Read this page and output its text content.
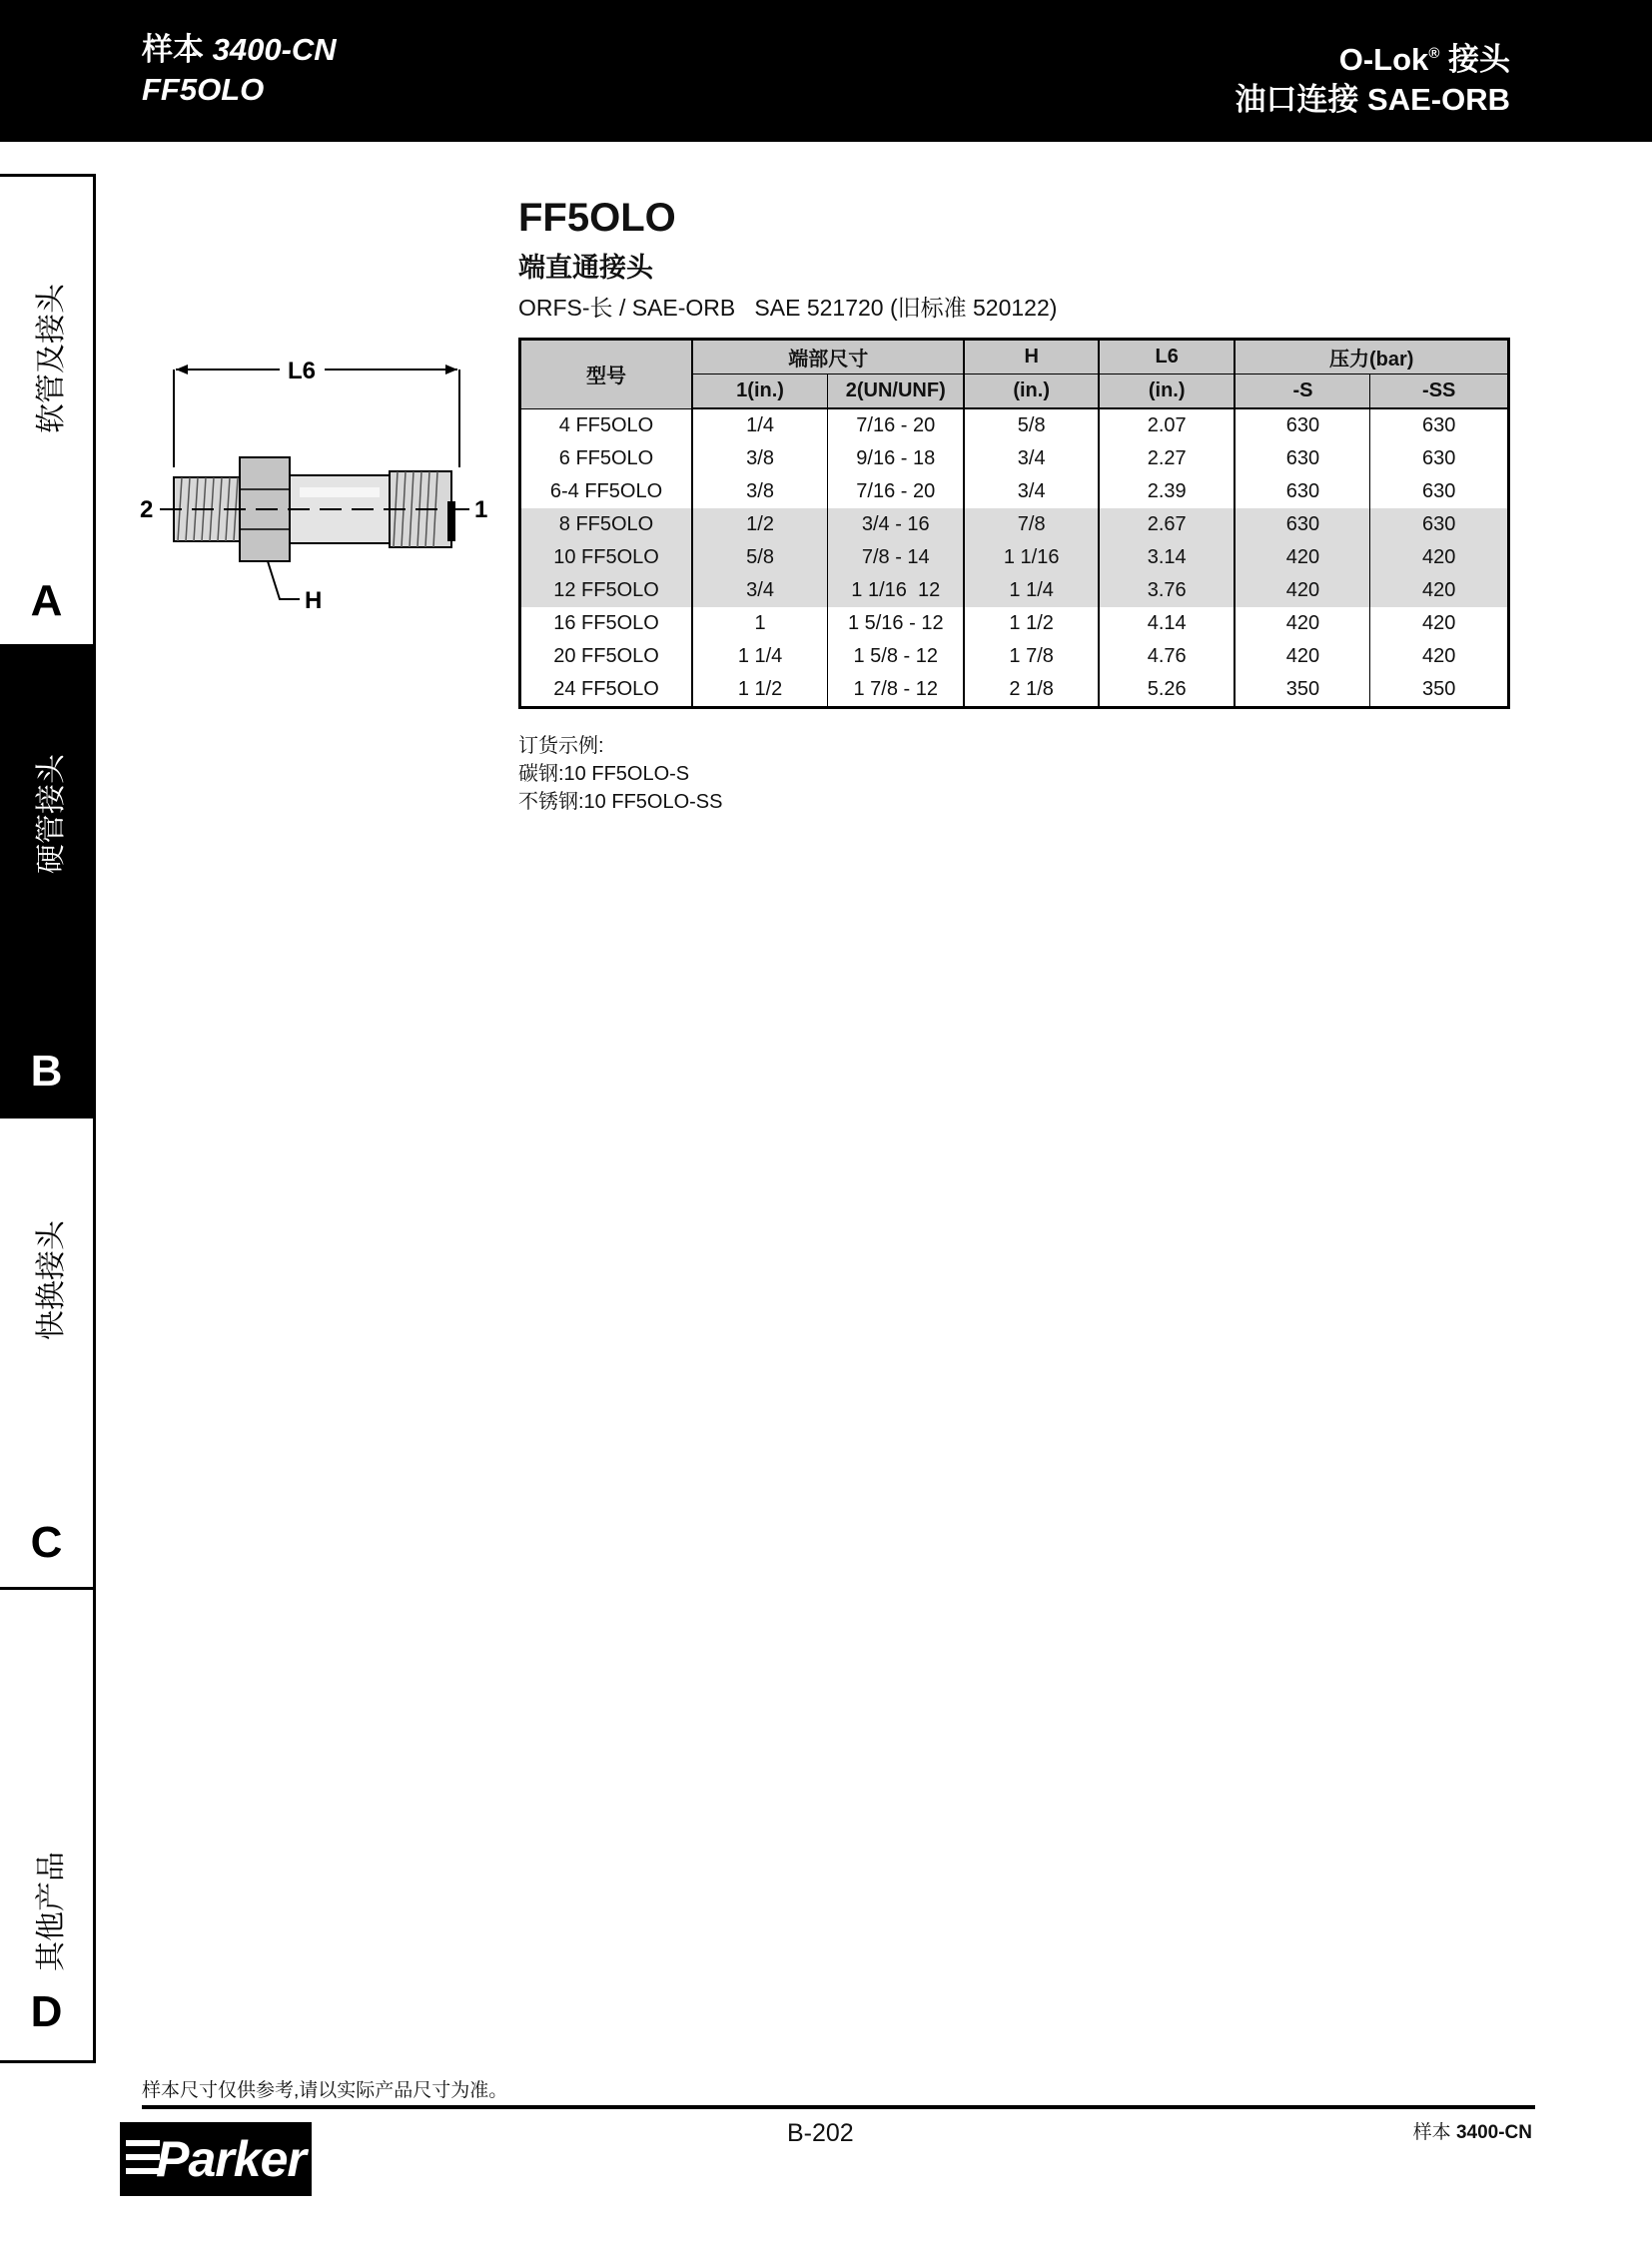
样本 3400-CN
FF5OLO
O-Lok® 接头
油口连接 SAE-ORB
软管及接头
A
硬管接头
B
快换接头
C
其他产品
D
FF5OLO
端直通接头
ORFS-长 / SAE-ORB   SAE 521720 (旧标准 520122)
L6
2	1
H
型号	端部尺寸		H	L6	压力(bar)	
	1(in.)	2(UN/UNF)	(in.)	(in.)	-S	-SS
4 FF5OLO	1/4	7/16 - 20	5/8	2.07	630	630
6 FF5OLO	3/8	9/16 - 18	3/4	2.27	630	630
6-4 FF5OLO	3/8	7/16 - 20	3/4	2.39	630	630
8 FF5OLO	1/2	3/4 - 16	7/8	2.67	630	630
10 FF5OLO	5/8	7/8 - 14	1 1/16	3.14	420	420
12 FF5OLO	3/4	1 1/16  12	1 1/4	3.76	420	420
16 FF5OLO	1	1 5/16 - 12	1 1/2	4.14	420	420
20 FF5OLO	1 1/4	1 5/8 - 12	1 7/8	4.76	420	420
24 FF5OLO	1 1/2	1 7/8 - 12	2 1/8	5.26	350	350
订货示例:
碳钢:10 FF5OLO-S
不锈钢:10 FF5OLO-SS
样本尺寸仅供参考,请以实际产品尺寸为准。
B-202	样本 3400-CN
Parker
